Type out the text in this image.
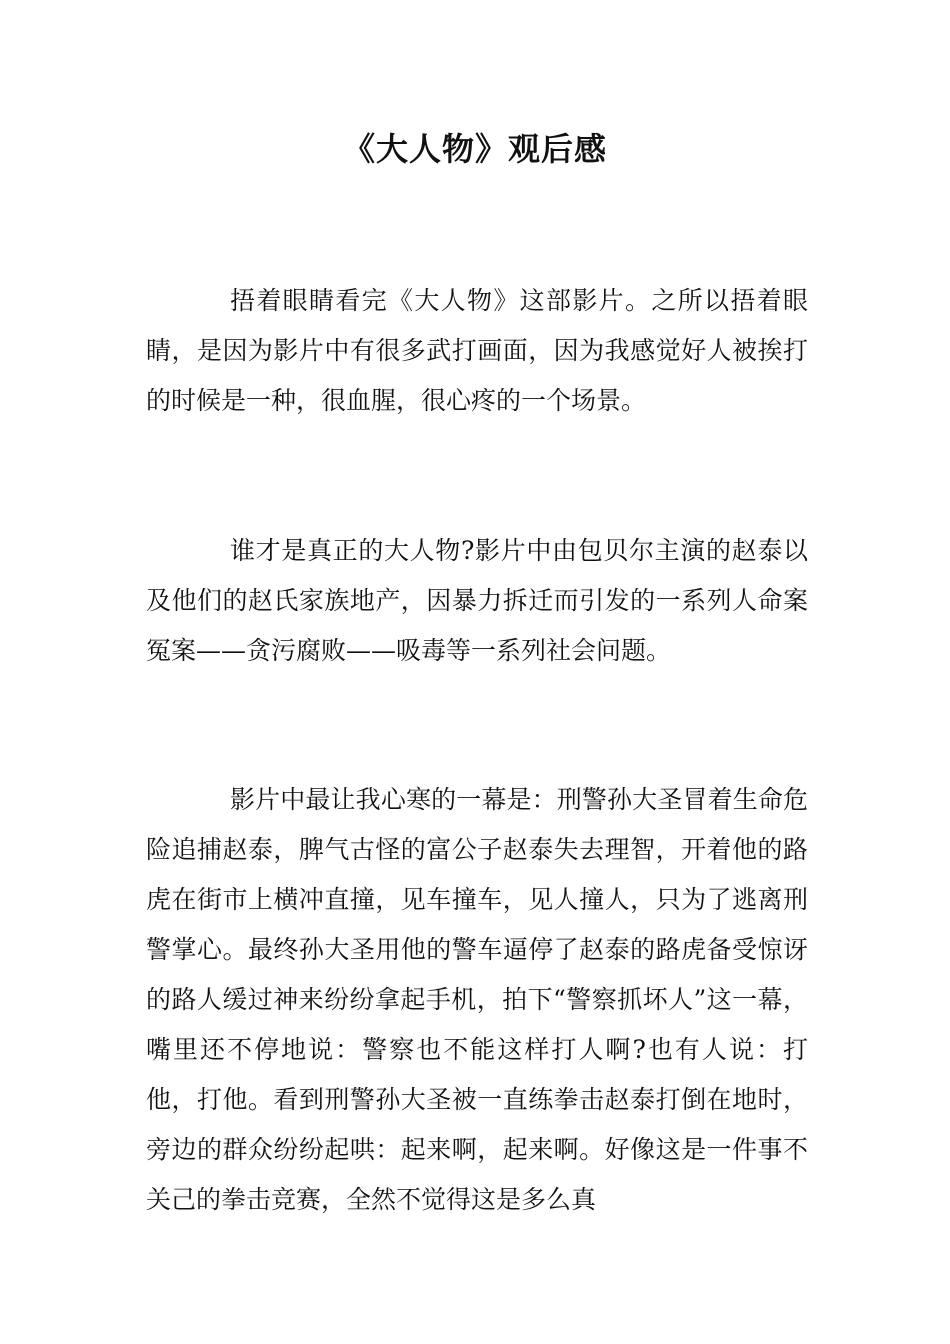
《大人物》观后感

捂着眼睛看完《大人物》这部影片。之所以捂着眼睛，是因为影片中有很多武打画面，因为我感觉好人被挨打的时候是一种，很血腥，很心疼的一个场景。

谁才是真正的大人物?影片中由包贝尔主演的赵泰以及他们的赵氏家族地产，因暴力拆迁而引发的一系列人命案冤案——贪污腐败——吸毒等一系列社会问题。

影片中最让我心寒的一幕是：刑警孙大圣冒着生命危险追捕赵泰，脾气古怪的富公子赵泰失去理智，开着他的路虎在街市上横冲直撞，见车撞车，见人撞人，只为了逃离刑警掌心。最终孙大圣用他的警车逼停了赵泰的路虎备受惊讶的路人缓过神来纷纷拿起手机，拍下“警察抓坏人”这一幕，嘴里还不停地说：警察也不能这样打人啊?也有人说：打他，打他。看到刑警孙大圣被一直练拳击赵泰打倒在地时，旁边的群众纷纷起哄：起来啊，起来啊。好像这是一件事不关己的拳击竞赛，全然不觉得这是多么真
